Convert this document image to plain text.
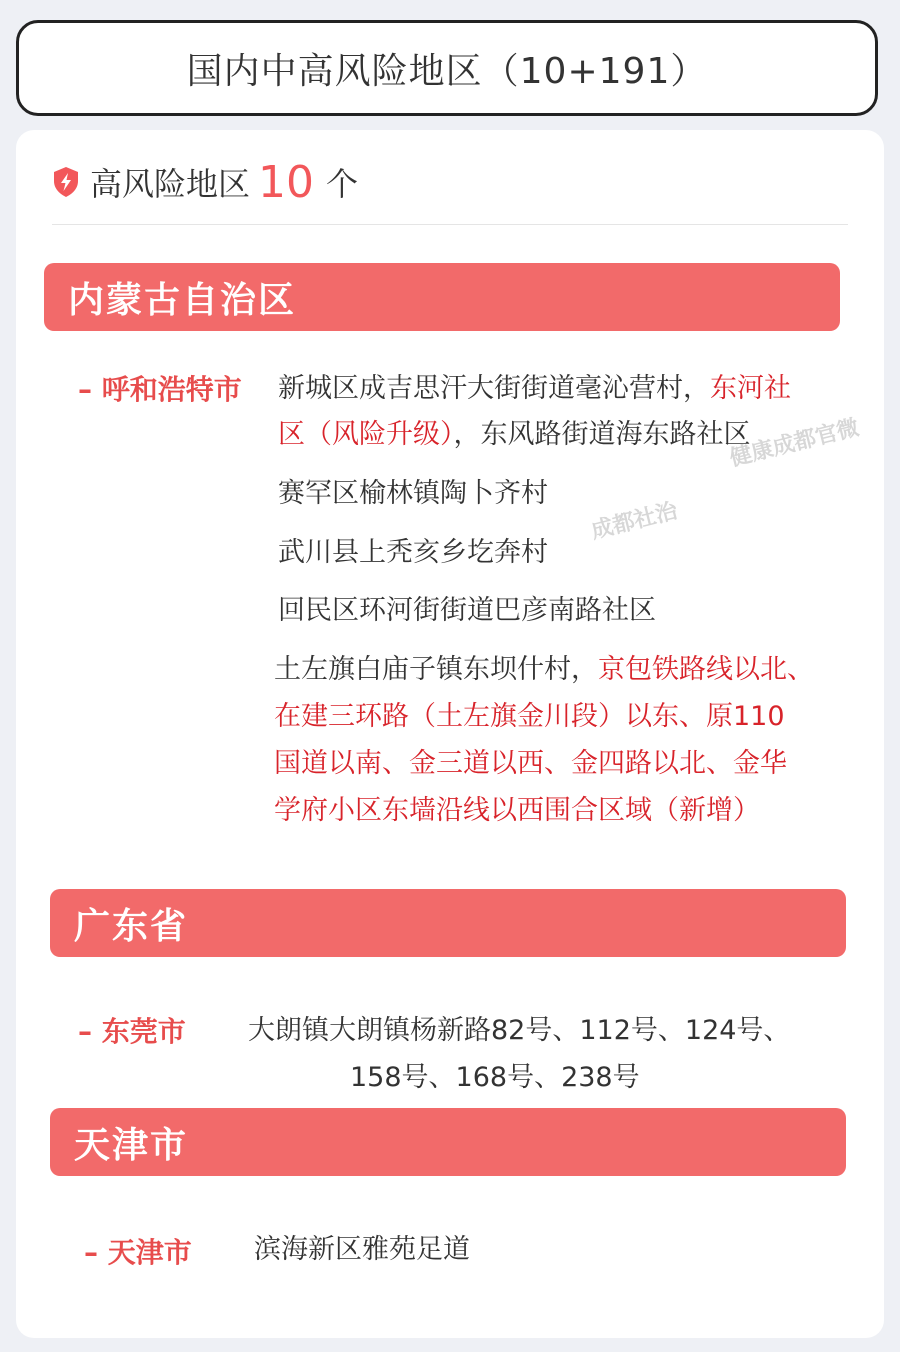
国内中高风险地区（10+191）
高风险地区 10 个
内蒙古自治区
– 呼和浩特市 新城区成吉思汗大街街道毫沁营村，东河社
区（风险升级），东风路街道海东路社区
赛罕区榆林镇陶卜齐村
武川县上秃亥乡圪奔村
回民区环河街街道巴彦南路社区
土左旗白庙子镇东坝什村，京包铁路线以北、
在建三环路（土左旗金川段）以东、原110
国道以南、金三道以西、金四路以北、金华
学府小区东墙沿线以西围合区域（新增）
广东省
– 东莞市 大朗镇大朗镇杨新路82号、112号、124号、
158号、168号、238号
天津市
– 天津市 滨海新区雅苑足道
健康成都官微
成都社治
